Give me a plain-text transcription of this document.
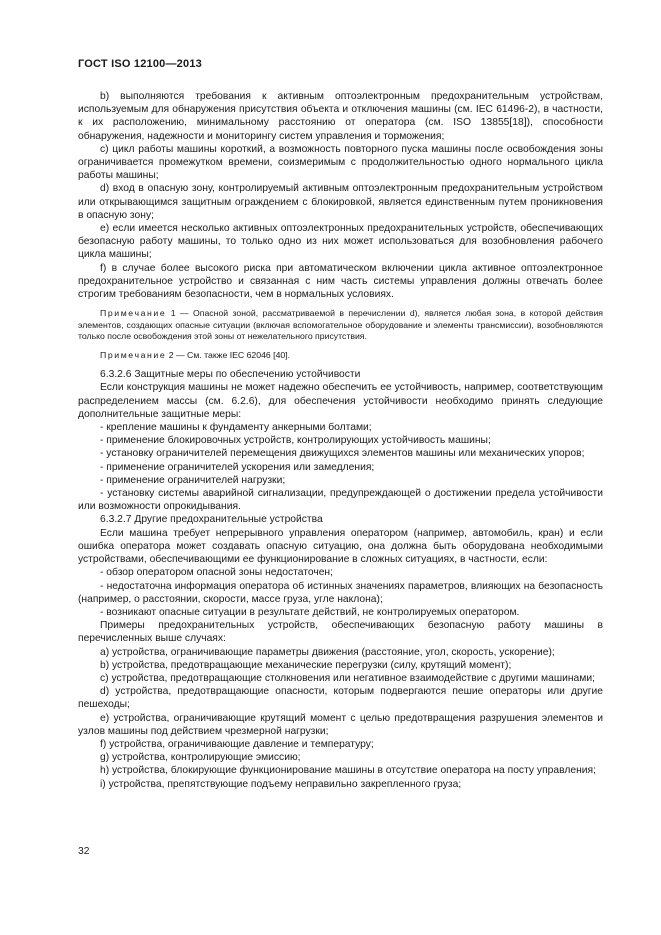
ГОСТ ISO 12100—2013

b) выполняются требования к активным оптоэлектронным предохранительным устройствам, используемым для обнаружения присутствия объекта и отключения машины (см. IEC 61496-2), в частности, к их расположению, минимальному расстоянию от оператора (см. ISO 13855[18]), способности обнаружения, надежности и мониторингу систем управления и торможения;

с) цикл работы машины короткий, а возможность повторного пуска машины после освобождения зоны ограничивается промежутком времени, соизмеримым с продолжительностью одного нормального цикла работы машины;

d) вход в опасную зону, контролируемый активным оптоэлектронным предохранительным устройством или открывающимся защитным ограждением с блокировкой, является единственным путем проникновения в опасную зону;

e) если имеется несколько активных оптоэлектронных предохранительных устройств, обеспечивающих безопасную работу машины, то только одно из них может использоваться для возобновления рабочего цикла машины;

f) в случае более высокого риска при автоматическом включении цикла активное оптоэлектронное предохранительное устройство и связанная с ним часть системы управления должны отвечать более строгим требованиям безопасности, чем в нормальных условиях.

Примечание 1 — Опасной зоной, рассматриваемой в перечислении d), является любая зона, в которой действия элементов, создающих опасные ситуации (включая вспомогательное оборудование и элементы трансмиссии), возобновляются только после освобождения этой зоны от нежелательного присутствия.
Примечание 2 — См. также IEC 62046 [40].

6.3.2.6 Защитные меры по обеспечению устойчивости

Если конструкция машины не может надежно обеспечить ее устойчивость, например, соответствующим распределением массы (см. 6.2.6), для обеспечения устойчивости необходимо принять следующие дополнительные защитные меры:

- крепление машины к фундаменту анкерными болтами;

- применение блокировочных устройств, контролирующих устойчивость машины;

- установку ограничителей перемещения движущихся элементов машины или механических упоров;

- применение ограничителей ускорения или замедления;

- применение ограничителей нагрузки;

- установку системы аварийной сигнализации, предупреждающей о достижении предела устойчивости или возможности опрокидывания.

6.3.2.7 Другие предохранительные устройства

Если машина требует непрерывного управления оператором (например, автомобиль, кран) и если ошибка оператора может создавать опасную ситуацию, она должна быть оборудована необходимыми устройствами, обеспечивающими ее функционирование в сложных ситуациях, в частности, если:

- обзор оператором опасной зоны недостаточен;

- недостаточна информация оператора об истинных значениях параметров, влияющих на безопасность (например, о расстоянии, скорости, массе груза, угле наклона);

- возникают опасные ситуации в результате действий, не контролируемых оператором.

Примеры предохранительных устройств, обеспечивающих безопасную работу машины в перечисленных выше случаях:

a) устройства, ограничивающие параметры движения (расстояние, угол, скорость, ускорение);

b) устройства, предотвращающие механические перегрузки (силу, крутящий момент);

c) устройства, предотвращающие столкновения или негативное взаимодействие с другими машинами;

d) устройства, предотвращающие опасности, которым подвергаются пешие операторы или другие пешеходы;

e) устройства, ограничивающие крутящий момент с целью предотвращения разрушения элементов и узлов машины под действием чрезмерной нагрузки;

f) устройства, ограничивающие давление и температуру;

g) устройства, контролирующие эмиссию;

h) устройства, блокирующие функционирование машины в отсутствие оператора на посту управления;

i) устройства, препятствующие подъему неправильно закрепленного груза;

32
